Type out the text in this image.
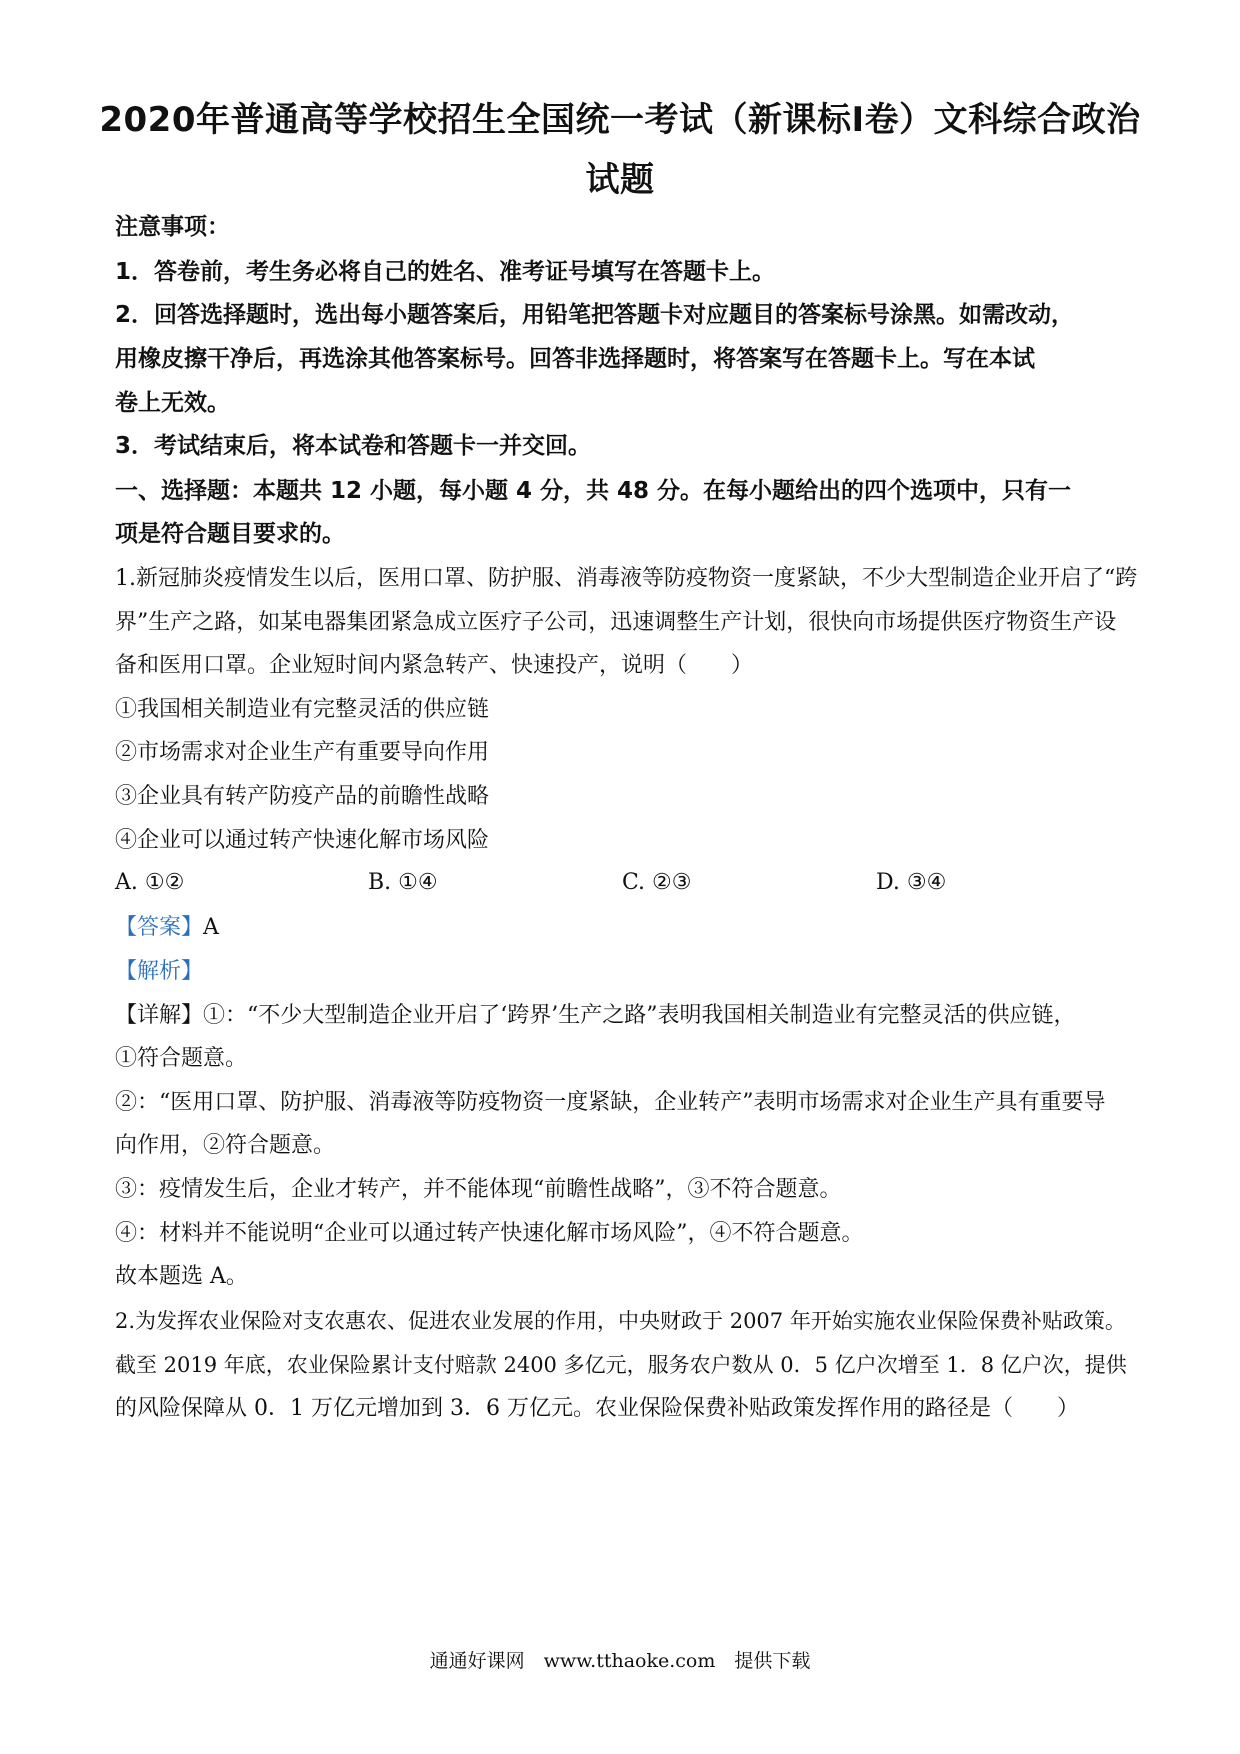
2020年普通高等学校招生全国统一考试（新课标Ⅰ卷）文科综合政治
试题
注意事项：
1．答卷前，考生务必将自己的姓名、准考证号填写在答题卡上。
2．回答选择题时，选出每小题答案后，用铅笔把答题卡对应题目的答案标号涂黑。如需改动，
用橡皮擦干净后，再选涂其他答案标号。回答非选择题时，将答案写在答题卡上。写在本试
卷上无效。
3．考试结束后，将本试卷和答题卡一并交回。
一、选择题：本题共 12 小题，每小题 4 分，共 48 分。在每小题给出的四个选项中，只有一
项是符合题目要求的。
1.新冠肺炎疫情发生以后，医用口罩、防护服、消毒液等防疫物资一度紧缺，不少大型制造企业开启了“跨
界”生产之路，如某电器集团紧急成立医疗子公司，迅速调整生产计划，很快向市场提供医疗物资生产设
备和医用口罩。企业短时间内紧急转产、快速投产，说明（　　）
①我国相关制造业有完整灵活的供应链
②市场需求对企业生产有重要导向作用
③企业具有转产防疫产品的前瞻性战略
④企业可以通过转产快速化解市场风险
A. ①②	B. ①④	C. ②③	D. ③④
【答案】A
【解析】
【详解】①：“不少大型制造企业开启了‘跨界’生产之路”表明我国相关制造业有完整灵活的供应链，
①符合题意。
②：“医用口罩、防护服、消毒液等防疫物资一度紧缺，企业转产”表明市场需求对企业生产具有重要导
向作用，②符合题意。
③：疫情发生后，企业才转产，并不能体现“前瞻性战略”，③不符合题意。
④：材料并不能说明“企业可以通过转产快速化解市场风险”，④不符合题意。
故本题选 A。
2.为发挥农业保险对支农惠农、促进农业发展的作用，中央财政于 2007 年开始实施农业保险保费补贴政策。
截至 2019 年底，农业保险累计支付赔款 2400 多亿元，服务农户数从 0．5 亿户次增至 1．8 亿户次，提供
的风险保障从 0．1 万亿元增加到 3．6 万亿元。农业保险保费补贴政策发挥作用的路径是（　　）
通通好课网　www.tthaoke.com　提供下载
